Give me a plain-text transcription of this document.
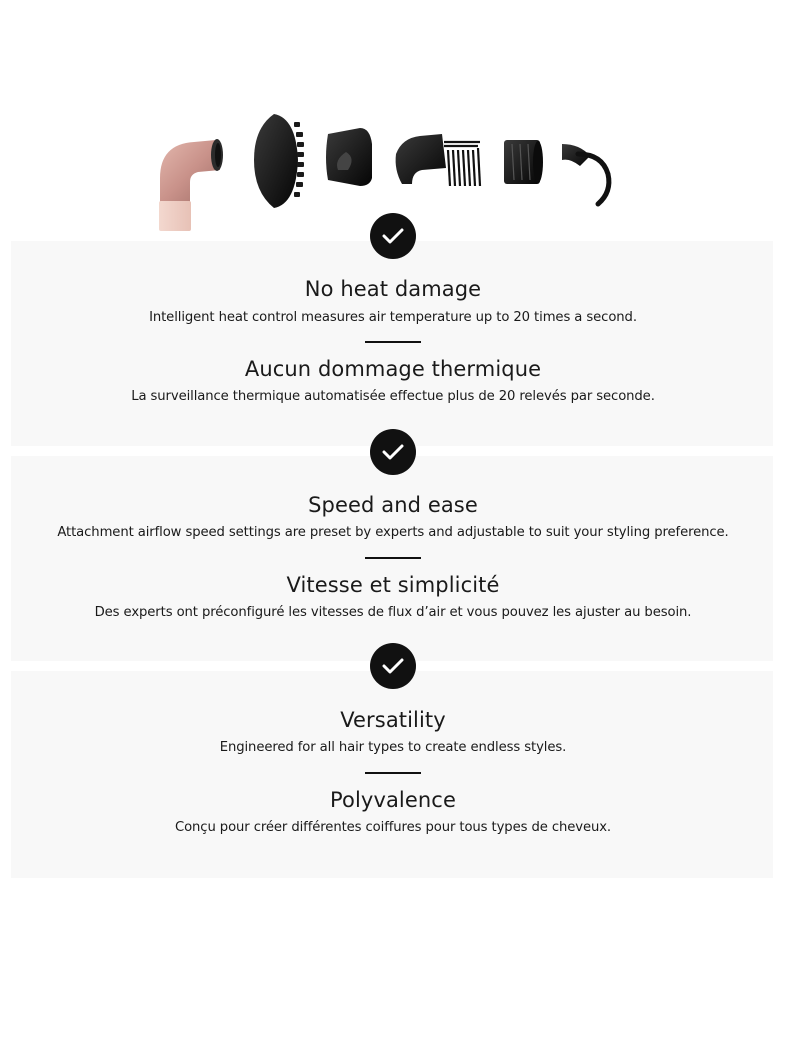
No heat damage
Intelligent heat control measures air temperature up to 20 times a second.
Aucun dommage thermique
La surveillance thermique automatisée effectue plus de 20 relevés par seconde.
Speed and ease
Attachment airflow speed settings are preset by experts and adjustable to suit your styling preference.
Vitesse et simplicité
Des experts ont préconfiguré les vitesses de flux d’air et vous pouvez les ajuster au besoin.
Versatility
Engineered for all hair types to create endless styles.
Polyvalence
Conçu pour créer différentes coiffures pour tous types de cheveux.
